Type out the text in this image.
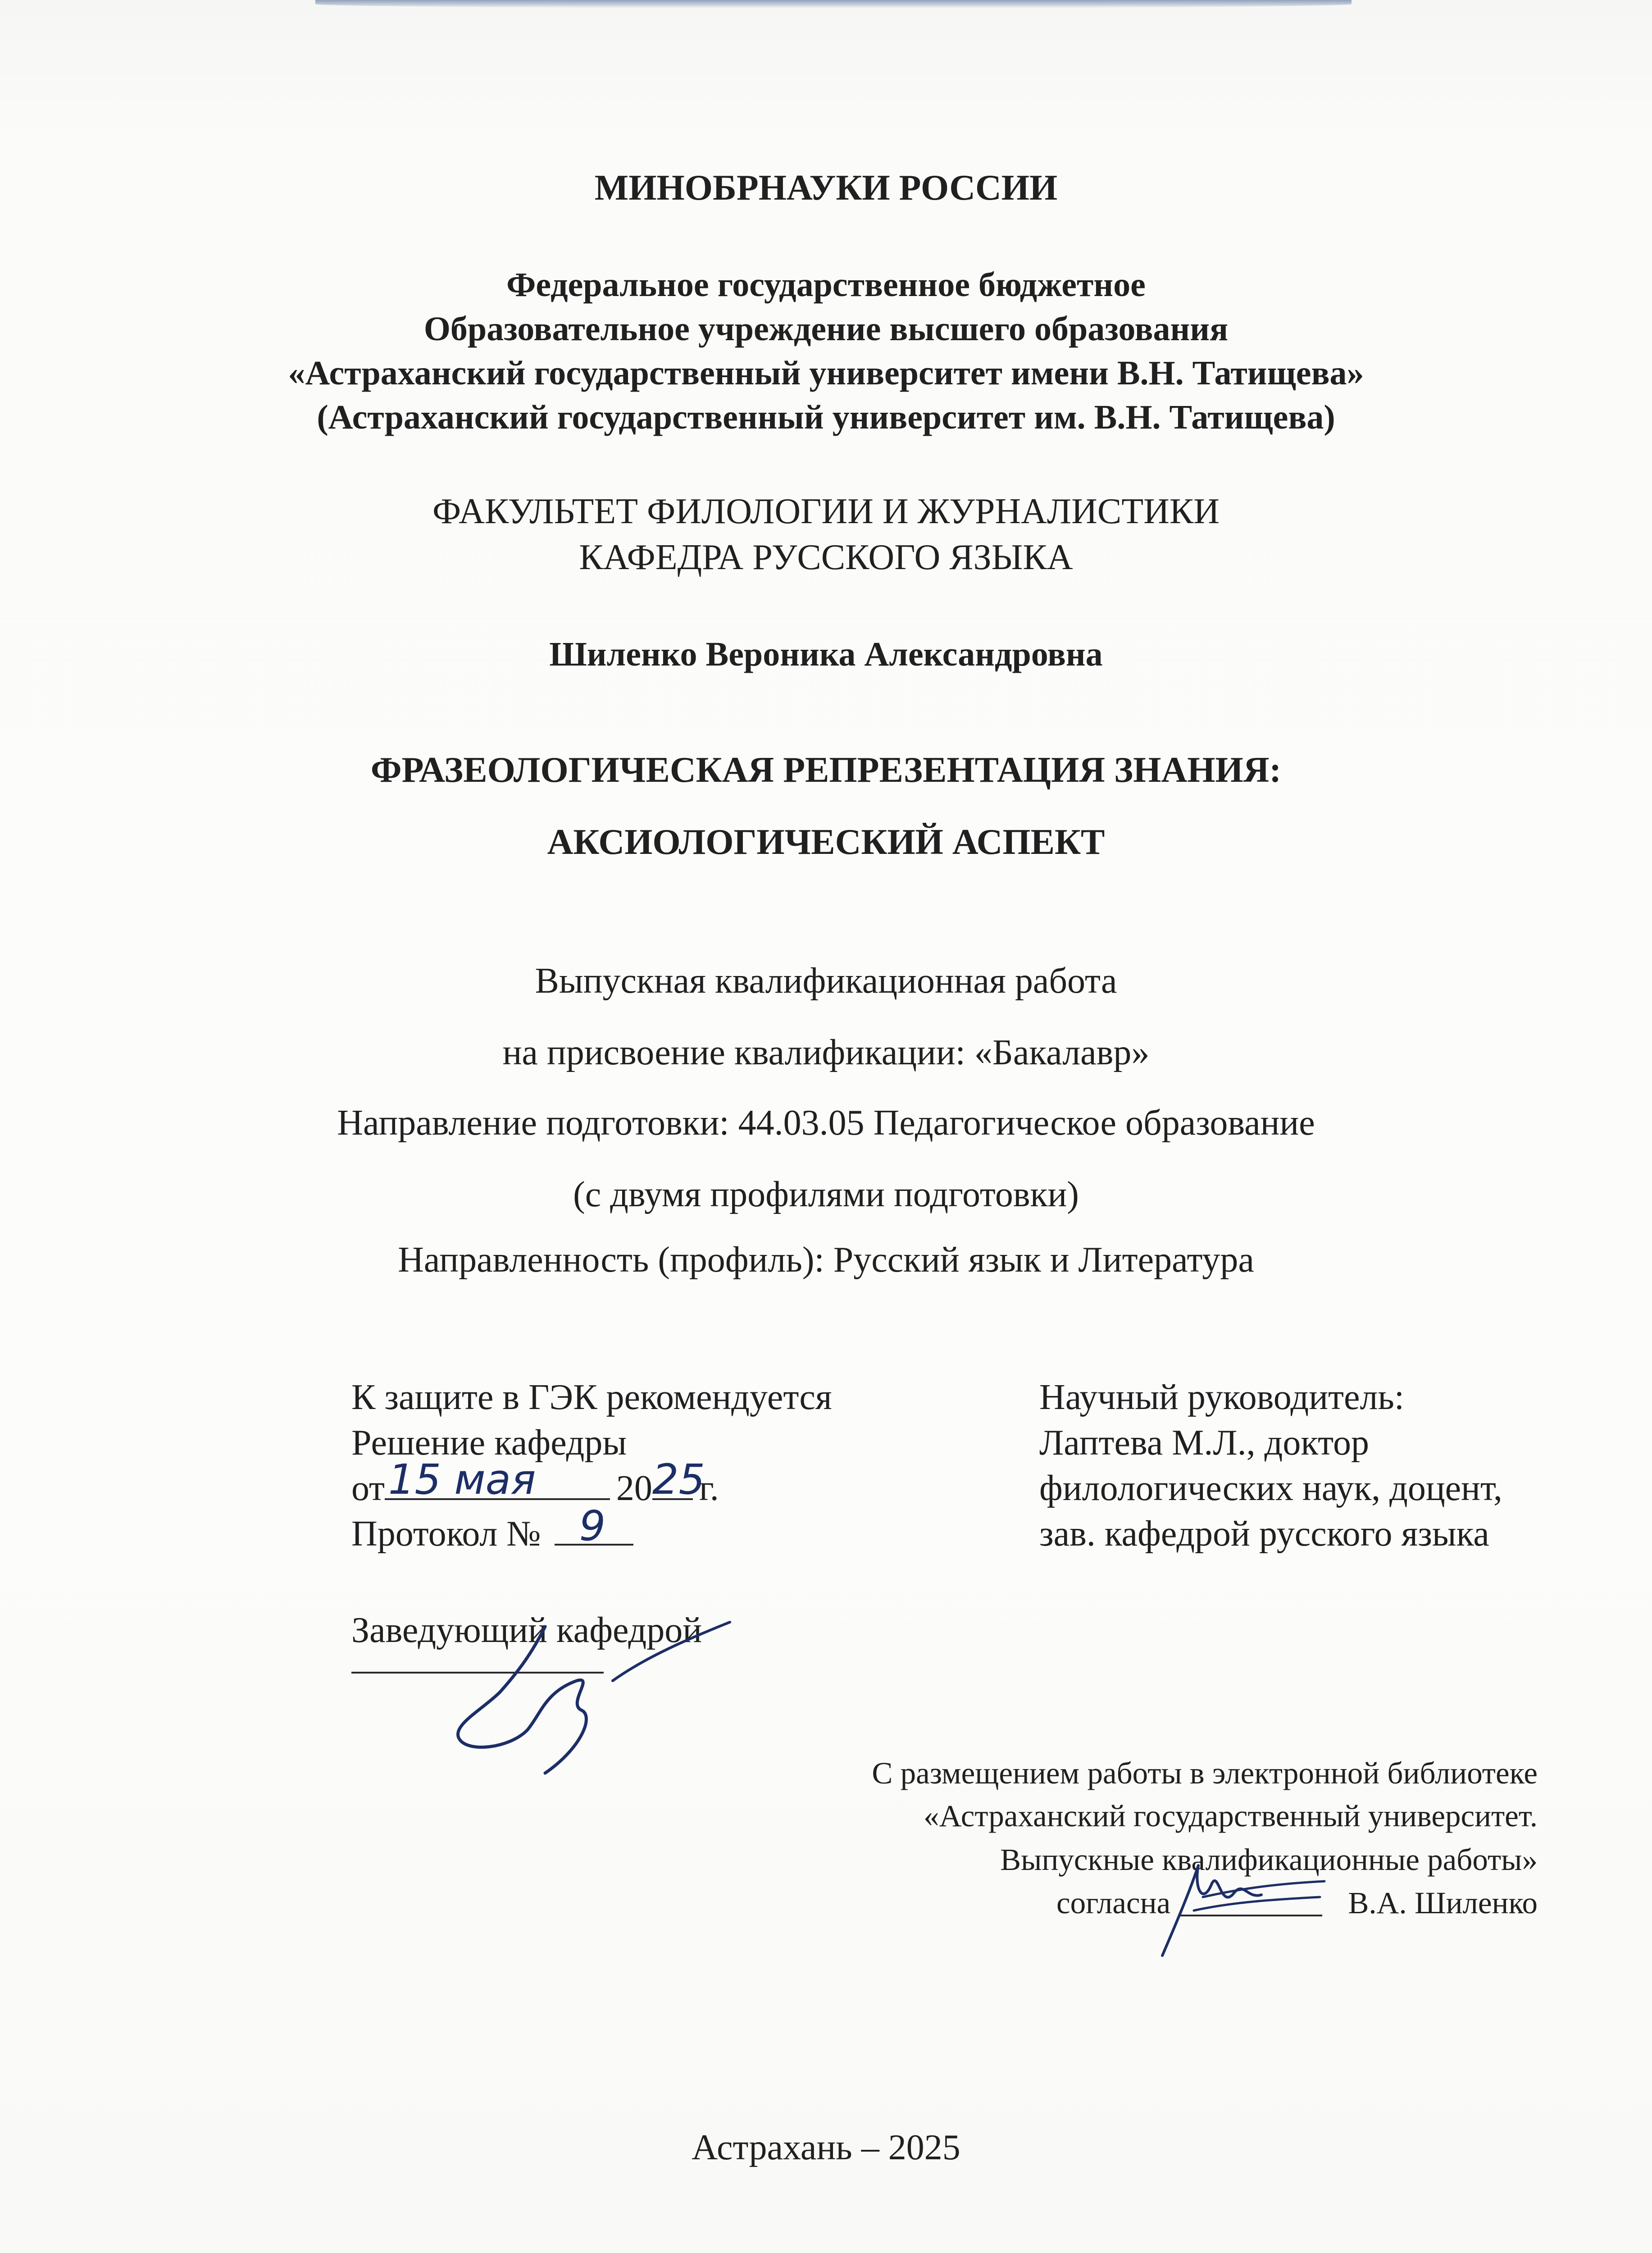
МИНОБРНАУКИ РОССИИ
Федеральное государственное бюджетное
Образовательное учреждение высшего образования
«Астраханский государственный университет имени В.Н. Татищева»
(Астраханский государственный университет им. В.Н. Татищева)
ФАКУЛЬТЕТ ФИЛОЛОГИИ И ЖУРНАЛИСТИКИ
КАФЕДРА РУССКОГО ЯЗЫКА
Шиленко Вероника Александровна
ФРАЗЕОЛОГИЧЕСКАЯ РЕПРЕЗЕНТАЦИЯ ЗНАНИЯ:
АКСИОЛОГИЧЕСКИЙ АСПЕКТ
Выпускная квалификационная работа
на присвоение квалификации: «Бакалавр»
Направление подготовки: 44.03.05 Педагогическое образование
(с двумя профилями подготовки)
Направленность (профиль): Русский язык и Литература
К защите в ГЭК рекомендуется
Решение кафедры
от 15 мая 20 25
г.
Протокол № 9
Заведующий кафедрой
Научный руководитель:
Лаптева М.Л., доктор
филологических наук, доцент,
зав. кафедрой русского языка
С размещением работы в электронной библиотеке
«Астраханский государственный университет.
Выпускные квалификационные работы»
согласна	В.А. Шиленко
Астрахань – 2025
